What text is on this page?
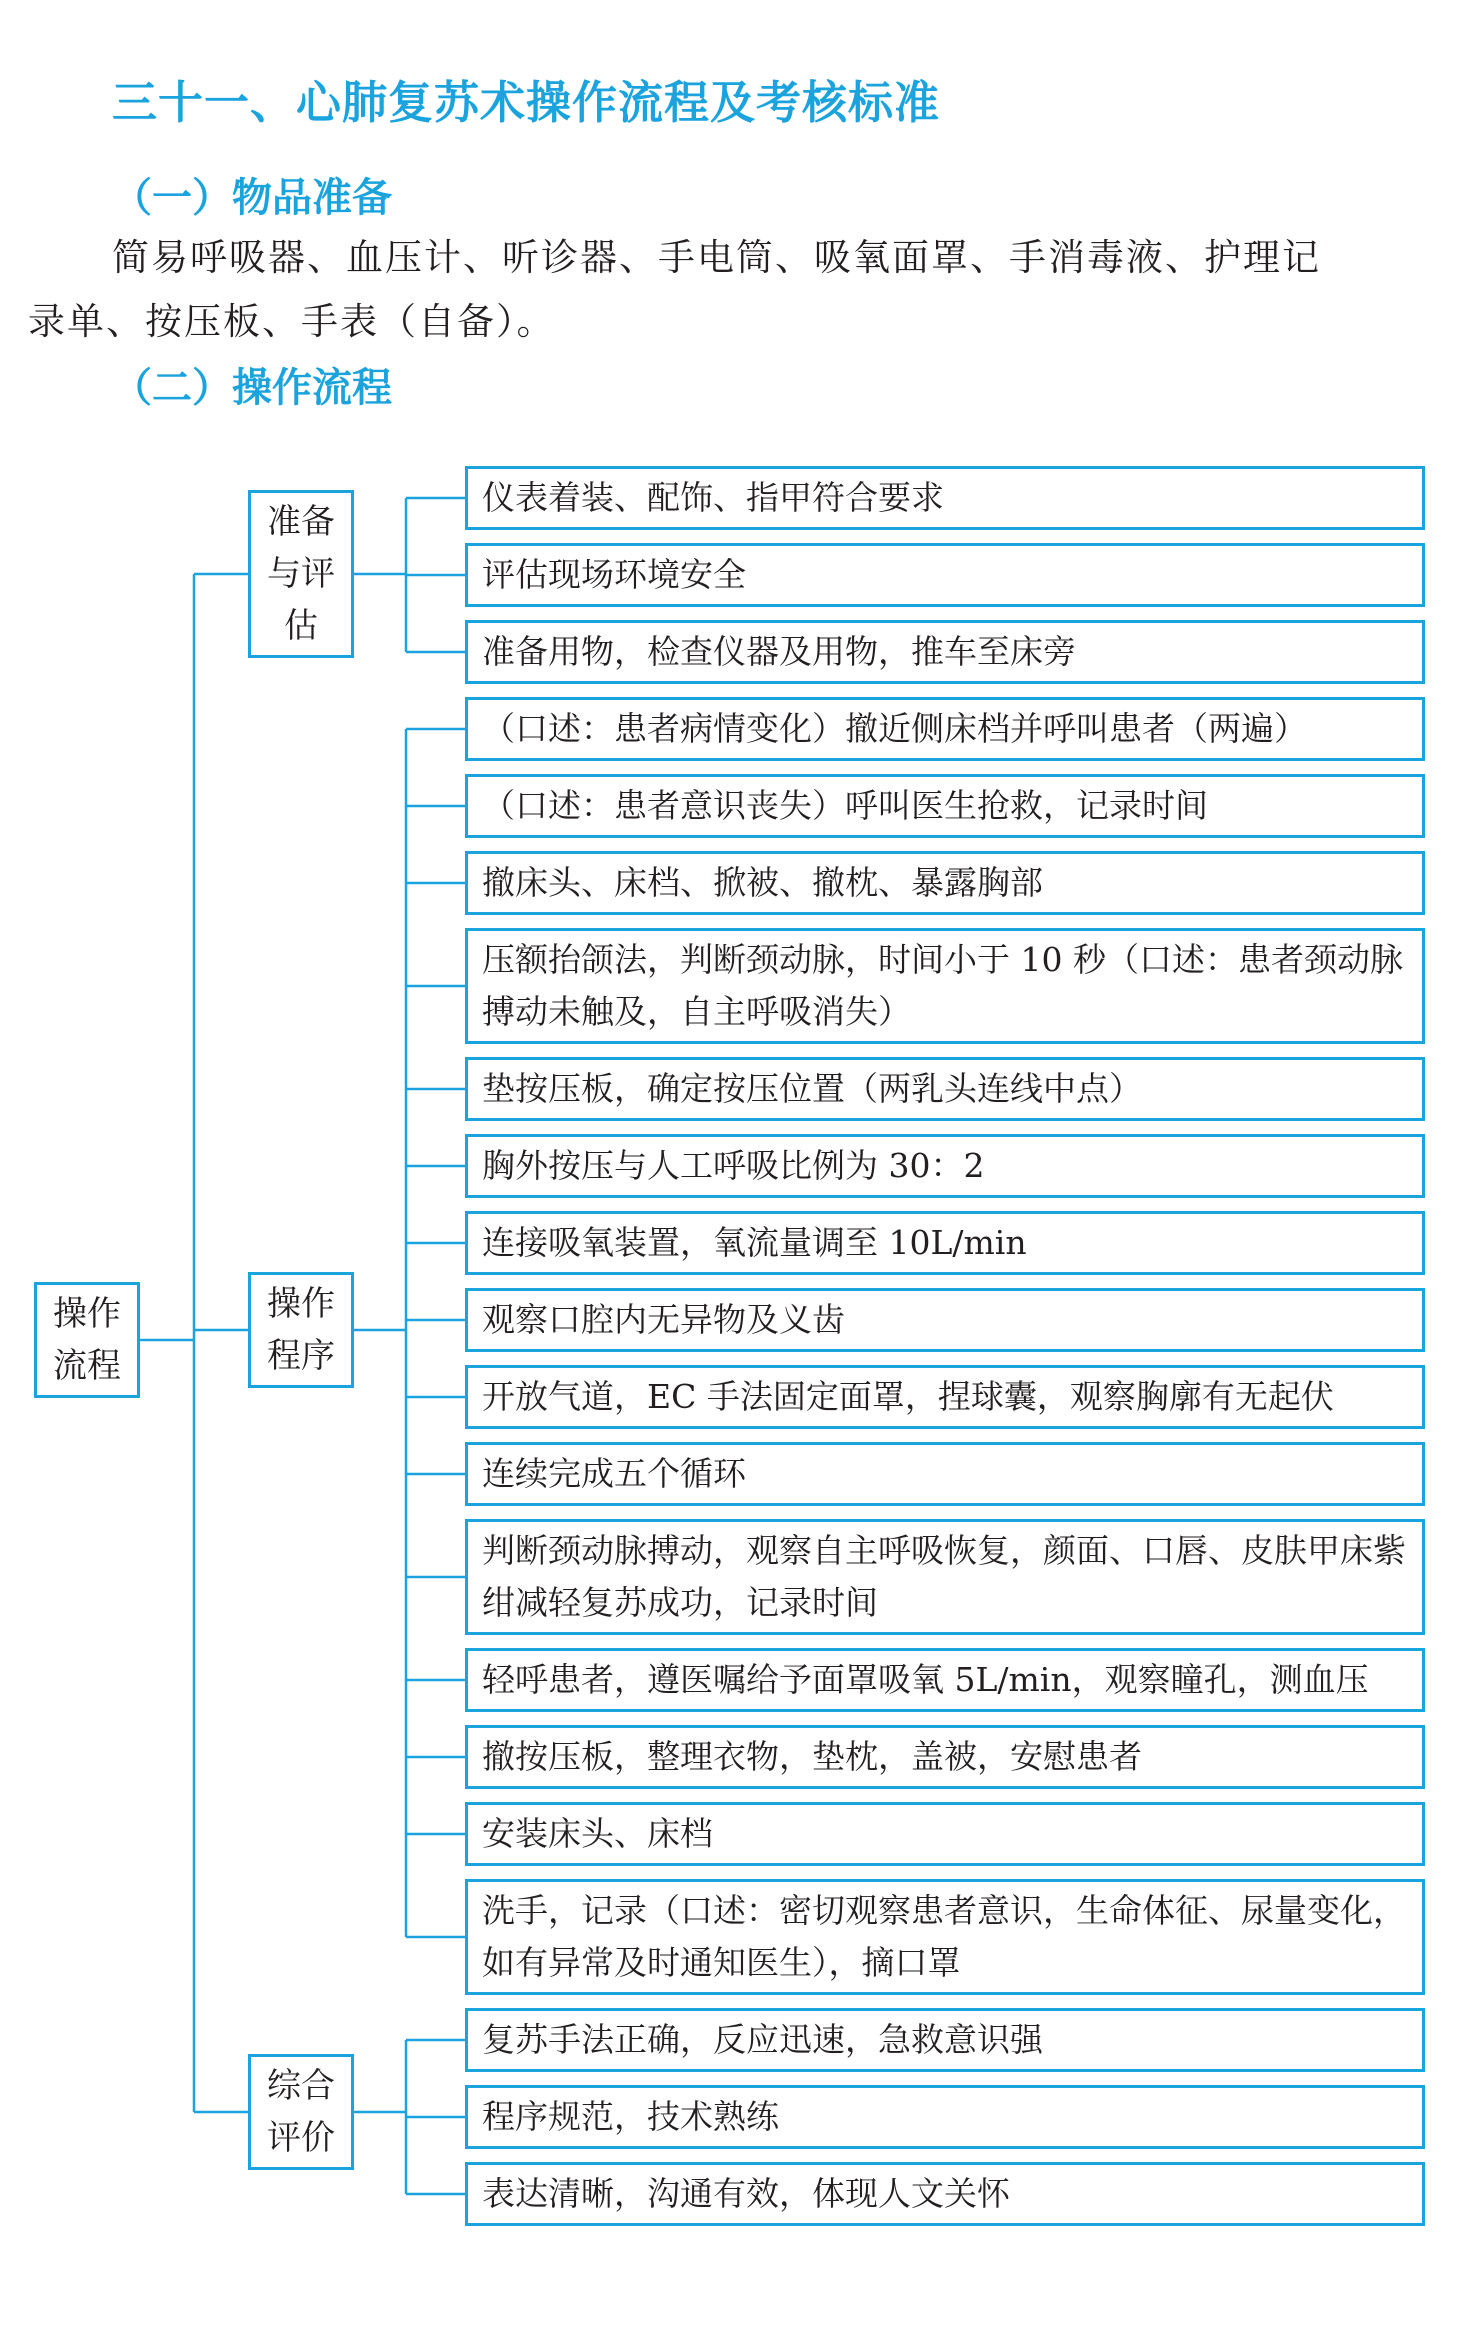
三十一、心肺复苏术操作流程及考核标准
（一）物品准备
简易呼吸器、血压计、听诊器、手电筒、吸氧面罩、手消毒液、护理记
录单、按压板、手表（自备）。
（二）操作流程
操作流程
准备与评估
操作程序
综合评价
仪表着装、配饰、指甲符合要求
评估现场环境安全
准备用物，检查仪器及用物，推车至床旁
（口述：患者病情变化）撤近侧床档并呼叫患者（两遍）
（口述：患者意识丧失）呼叫医生抢救，记录时间
撤床头、床档、掀被、撤枕、暴露胸部
压额抬颌法，判断颈动脉，时间小于 10 秒（口述：患者颈动脉搏动未触及，自主呼吸消失）
垫按压板，确定按压位置（两乳头连线中点）
胸外按压与人工呼吸比例为 30：2
连接吸氧装置，氧流量调至 10L/min
观察口腔内无异物及义齿
开放气道，EC 手法固定面罩，捏球囊，观察胸廓有无起伏
连续完成五个循环
判断颈动脉搏动，观察自主呼吸恢复，颜面、口唇、皮肤甲床紫绀减轻复苏成功，记录时间
轻呼患者，遵医嘱给予面罩吸氧 5L/min，观察瞳孔，测血压
撤按压板，整理衣物，垫枕，盖被，安慰患者
安装床头、床档
洗手，记录（口述：密切观察患者意识，生命体征、尿量变化，如有异常及时通知医生），摘口罩
复苏手法正确，反应迅速，急救意识强
程序规范，技术熟练
表达清晰，沟通有效，体现人文关怀
